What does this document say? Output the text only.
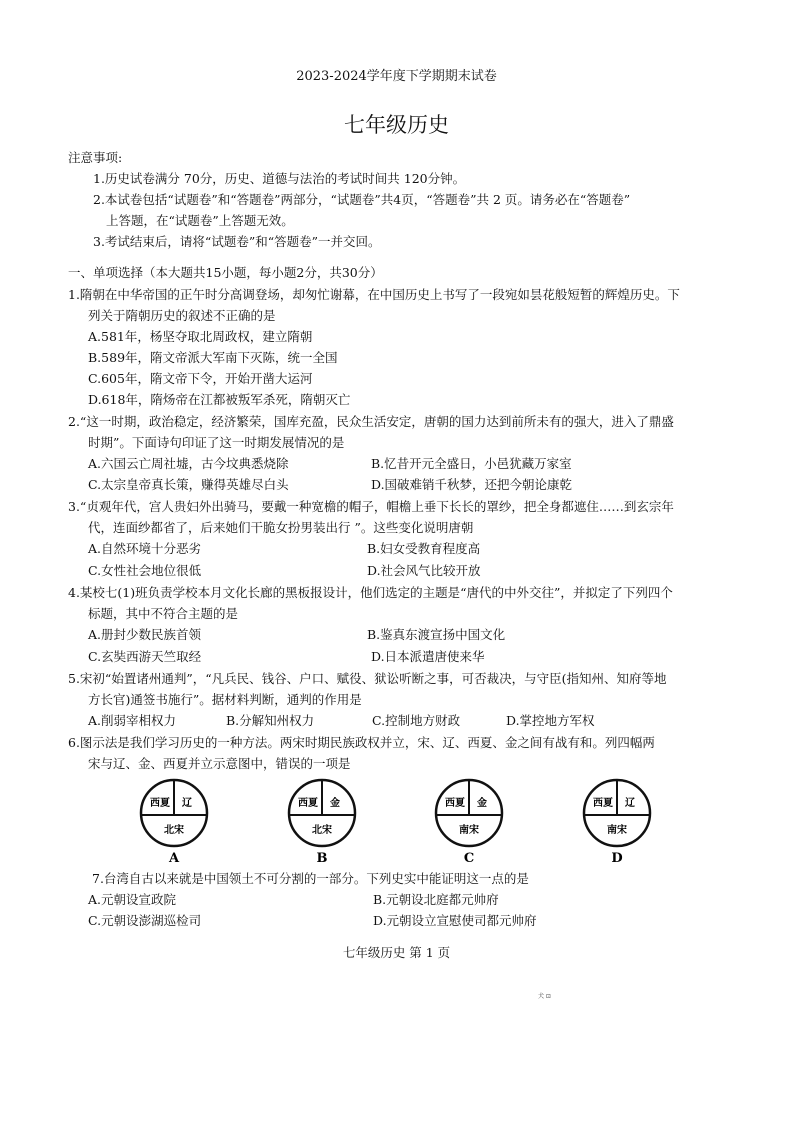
2023-2024学年度下学期期末试卷
七年级历史
注意事项:
1.历史试卷满分 70分，历史、道德与法治的考试时间共 120分钟。
2.本试卷包括“试题卷”和“答题卷”两部分，“试题卷”共4页，“答题卷”共 2 页。请务必在“答题卷”
上答题，在“试题卷”上答题无效。
3.考试结束后，请将“试题卷”和“答题卷”一并交回。
一、单项选择（本大题共15小题，每小题2分，共30分）
1.隋朝在中华帝国的正午时分高调登场，却匆忙谢幕，在中国历史上书写了一段宛如昙花般短暂的辉煌历史。下
列关于隋朝历史的叙述不正确的是
A.581年，杨坚夺取北周政权，建立隋朝
B.589年，隋文帝派大军南下灭陈，统一全国
C.605年，隋文帝下令，开始开凿大运河
D.618年，隋炀帝在江都被叛军杀死，隋朝灭亡
2.“这一时期，政治稳定，经济繁荣，国库充盈，民众生活安定，唐朝的国力达到前所未有的强大，进入了鼎盛
时期”。下面诗句印证了这一时期发展情况的是
A.六国云亡周社墟，古今坟典悉烧除	B.忆昔开元全盛日，小邑犹藏万家室
C.太宗皇帝真长策，赚得英雄尽白头	D.国破难销千秋梦，还把今朝论康乾
3.“贞观年代，宫人贵妇外出骑马，要戴一种宽檐的帽子，帽檐上垂下长长的罩纱，把全身都遮住……到玄宗年
代，连面纱都省了，后来她们干脆女扮男装出行 ”。这些变化说明唐朝
A.自然环境十分恶劣	B.妇女受教育程度高
C.女性社会地位很低	D.社会风气比较开放
4.某校七(1)班负责学校本月文化长廊的黑板报设计，他们选定的主题是“唐代的中外交往”，并拟定了下列四个
标题，其中不符合主题的是
A.册封少数民族首领	B.鉴真东渡宣扬中国文化
C.玄奘西游天竺取经	D.日本派遣唐使来华
5.宋初“始置诸州通判”，“凡兵民、钱谷、户口、赋役、狱讼听断之事，可否裁决，与守臣(指知州、知府等地
方长官)通签书施行”。据材料判断，通判的作用是
A.削弱宰相权力	B.分解知州权力	C.控制地方财政	D.掌控地方军权
6.图示法是我们学习历史的一种方法。两宋时期民族政权并立，宋、辽、西夏、金之间有战有和。列四幅两
宋与辽、金、西夏并立示意图中，错误的一项是
西夏 辽
北宋
A
西夏 金
北宋
B
西夏 金
南宋
C
西夏 辽
南宋
D
7.台湾自古以来就是中国领土不可分割的一部分。下列史实中能证明这一点的是
A.元朝设宣政院	B.元朝设北庭都元帅府
C.元朝设澎湖巡检司	D.元朝设立宣慰使司都元帅府
七年级历史 第 1 页
犬 ⊡
